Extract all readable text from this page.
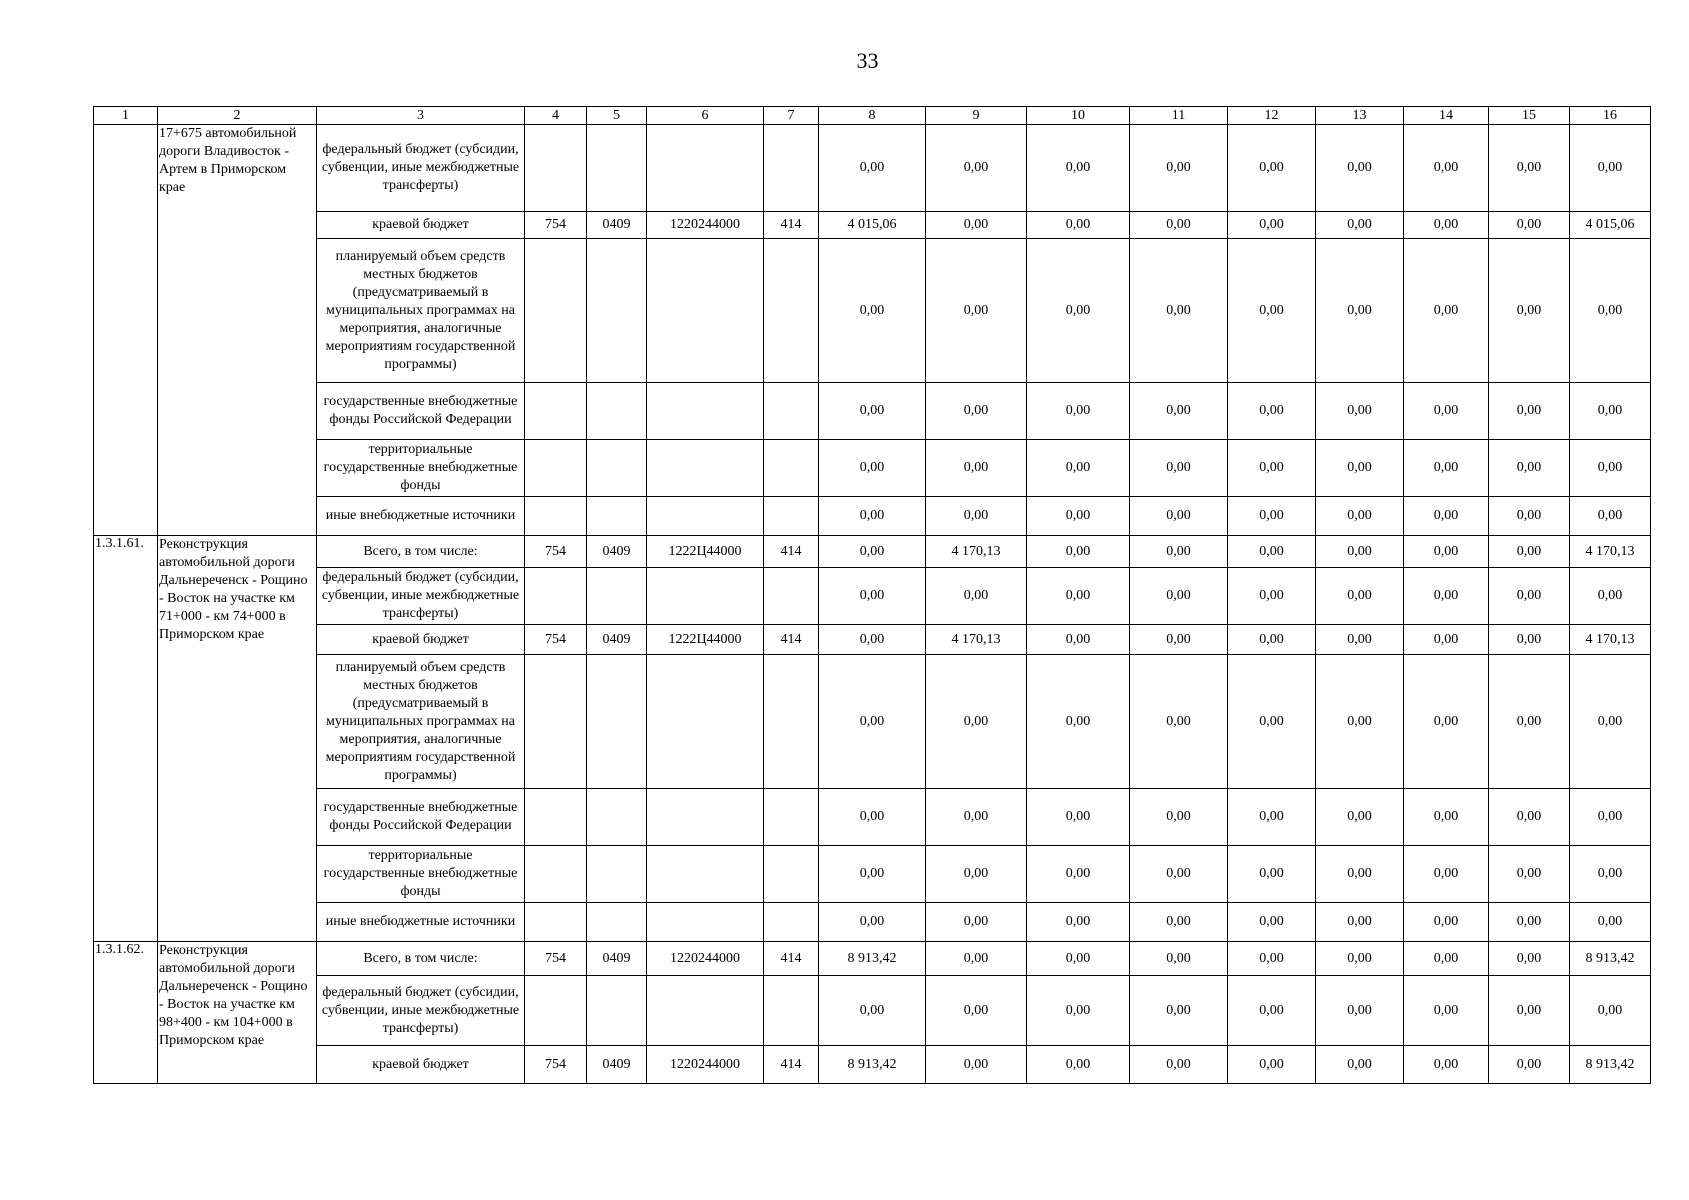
33
1	2	3	4	5	6	7	8	9	10	11	12	13	14	15	16
	17+675 автомобильной дороги Владивосток - Артем в Приморском крае	федеральный бюджет (субсидии, субвенции, иные межбюджетные трансферты)					0,00	0,00	0,00	0,00	0,00	0,00	0,00	0,00	0,00
		краевой бюджет	754	0409	1220244000	414	4 015,06	0,00	0,00	0,00	0,00	0,00	0,00	0,00	4 015,06
		планируемый объем средств местных бюджетов (предусматриваемый в муниципальных программах на мероприятия, аналогичные мероприятиям государственной программы)					0,00	0,00	0,00	0,00	0,00	0,00	0,00	0,00	0,00
		государственные внебюджетные фонды Российской Федерации					0,00	0,00	0,00	0,00	0,00	0,00	0,00	0,00	0,00
		территориальные государственные внебюджетные фонды					0,00	0,00	0,00	0,00	0,00	0,00	0,00	0,00	0,00
		иные внебюджетные источники					0,00	0,00	0,00	0,00	0,00	0,00	0,00	0,00	0,00
1.3.1.61.	Реконструкция автомобильной дороги Дальнереченск - Рощино - Восток на участке км 71+000 - км 74+000 в Приморском крае	Всего, в том числе:	754	0409	1222Ц44000	414	0,00	4 170,13	0,00	0,00	0,00	0,00	0,00	0,00	4 170,13
		федеральный бюджет (субсидии, субвенции, иные межбюджетные трансферты)					0,00	0,00	0,00	0,00	0,00	0,00	0,00	0,00	0,00
		краевой бюджет	754	0409	1222Ц44000	414	0,00	4 170,13	0,00	0,00	0,00	0,00	0,00	0,00	4 170,13
		планируемый объем средств местных бюджетов (предусматриваемый в муниципальных программах на мероприятия, аналогичные мероприятиям государственной программы)					0,00	0,00	0,00	0,00	0,00	0,00	0,00	0,00	0,00
		государственные внебюджетные фонды Российской Федерации					0,00	0,00	0,00	0,00	0,00	0,00	0,00	0,00	0,00
		территориальные государственные внебюджетные фонды					0,00	0,00	0,00	0,00	0,00	0,00	0,00	0,00	0,00
		иные внебюджетные источники					0,00	0,00	0,00	0,00	0,00	0,00	0,00	0,00	0,00
1.3.1.62.	Реконструкция автомобильной дороги Дальнереченск - Рощино - Восток на участке км 98+400 - км 104+000 в Приморском крае	Всего, в том числе:	754	0409	1220244000	414	8 913,42	0,00	0,00	0,00	0,00	0,00	0,00	0,00	8 913,42
		федеральный бюджет (субсидии, субвенции, иные межбюджетные трансферты)					0,00	0,00	0,00	0,00	0,00	0,00	0,00	0,00	0,00
		краевой бюджет	754	0409	1220244000	414	8 913,42	0,00	0,00	0,00	0,00	0,00	0,00	0,00	8 913,42
